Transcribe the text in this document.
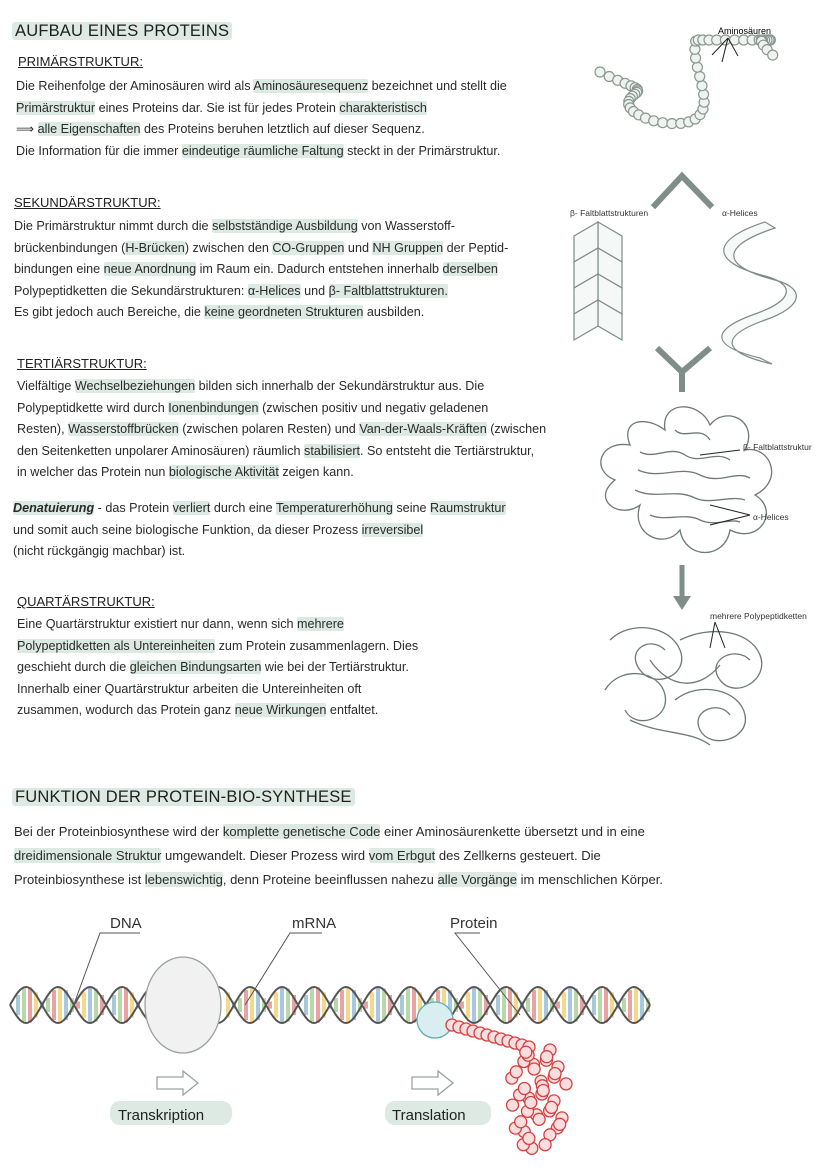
AUFBAU EINES PROTEINS
PRIMÄRSTRUKTUR:
Die Reihenfolge der Aminosäuren wird als Aminosäuresequenz bezeichnet und stellt die
Primärstruktur eines Proteins dar. Sie ist für jedes Protein charakteristisch
⟹ alle Eigenschaften des Proteins beruhen letztlich auf dieser Sequenz.
Die Information für die immer eindeutige räumliche Faltung steckt in der Primärstruktur.
SEKUNDÄRSTRUKTUR:
Die Primärstruktur nimmt durch die selbstständige Ausbildung von Wasserstoff-
brückenbindungen (H-Brücken) zwischen den CO-Gruppen und NH Gruppen der Peptid-
bindungen eine neue Anordnung im Raum ein. Dadurch entstehen innerhalb derselben
Polypeptidketten die Sekundärstrukturen: α-Helices und β- Faltblattstrukturen.
Es gibt jedoch auch Bereiche, die keine geordneten Strukturen ausbilden.
TERTIÄRSTRUKTUR:
Vielfältige Wechselbeziehungen bilden sich innerhalb der Sekundärstruktur aus. Die
Polypeptidkette wird durch Ionenbindungen (zwischen positiv und negativ geladenen
Resten), Wasserstoffbrücken (zwischen polaren Resten) und Van-der-Waals-Kräften (zwischen
den Seitenketten unpolarer Aminosäuren) räumlich stabilisiert. So entsteht die Tertiärstruktur,
in welcher das Protein nun biologische Aktivität zeigen kann.
Denatuierung - das Protein verliert durch eine Temperaturerhöhung seine Raumstruktur
und somit auch seine biologische Funktion, da dieser Prozess irreversibel
(nicht rückgängig machbar) ist.
QUARTÄRSTRUKTUR:
Eine Quartärstruktur existiert nur dann, wenn sich mehrere
Polypeptidketten als Untereinheiten zum Protein zusammenlagern. Dies
geschieht durch die gleichen Bindungsarten wie bei der Tertiärstruktur.
Innerhalb einer Quartärstruktur arbeiten die Untereinheiten oft
zusammen, wodurch das Protein ganz neue Wirkungen entfaltet.
Aminosäuren
β- Faltblattstrukturen	α-Helices
β- Faltblattstruktur
α-Helices
mehrere Polypeptidketten
FUNKTION DER PROTEIN-BIO-SYNTHESE
Bei der Proteinbiosynthese wird der komplette genetische Code einer Aminosäurenkette übersetzt und in eine
dreidimensionale Struktur umgewandelt. Dieser Prozess wird vom Erbgut des Zellkerns gesteuert. Die
Proteinbiosynthese ist lebenswichtig, denn Proteine beeinflussen nahezu alle Vorgänge im menschlichen Körper.
DNA	mRNA	Protein
Transkription	Translation
